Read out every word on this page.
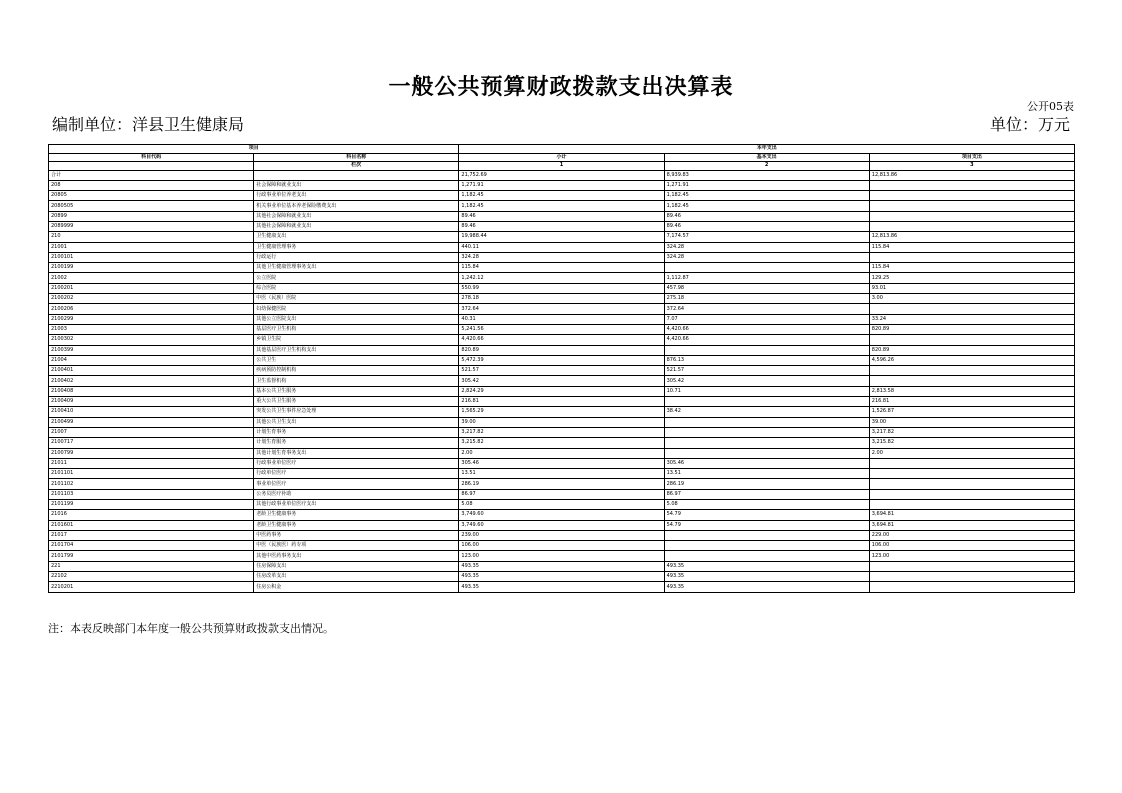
一般公共预算财政拨款支出决算表
公开05表
编制单位：洋县卫生健康局	单位：万元
项目		本年支出		
科目代码	科目名称	小计	基本支出	项目支出
	栏次	1	2	3
合计		21,752.69	8,939.83	12,813.86
208	社会保障和就业支出	1,271.91	1,271.91	
20805	行政事业单位养老支出	1,182.45	1,182.45	
2080505	机关事业单位基本养老保险缴费支出	1,182.45	1,182.45	
20899	其他社会保障和就业支出	89.46	89.46	
2089999	其他社会保障和就业支出	89.46	89.46	
210	卫生健康支出	19,988.44	7,174.57	12,813.86
21001	卫生健康管理事务	440.11	324.28	115.84
2100101	行政运行	324.28	324.28	
2100199	其他卫生健康管理事务支出	115.84		115.84
21002	公立医院	1,242.12	1,112.87	129.25
2100201	综合医院	550.99	457.98	93.01
2100202	中医（民族）医院	278.18	275.18	3.00
2100206	妇幼保健医院	372.64	372.64	
2100299	其他公立医院支出	40.31	7.07	33.24
21003	基层医疗卫生机构	5,241.56	4,420.66	820.89
2100302	乡镇卫生院	4,420.66	4,420.66	
2100399	其他基层医疗卫生机构支出	820.89		820.89
21004	公共卫生	5,472.39	876.13	4,596.26
2100401	疾病预防控制机构	521.57	521.57	
2100402	卫生监督机构	305.42	305.42	
2100408	基本公共卫生服务	2,824.29	10.71	2,813.58
2100409	重大公共卫生服务	216.81		216.81
2100410	突发公共卫生事件应急处理	1,565.29	38.42	1,526.87
2100499	其他公共卫生支出	39.00		39.00
21007	计划生育事务	3,217.82		3,217.82
2100717	计划生育服务	3,215.82		3,215.82
2100799	其他计划生育事务支出	2.00		2.00
21011	行政事业单位医疗	305.46	305.46	
2101101	行政单位医疗	13.51	13.51	
2101102	事业单位医疗	286.19	286.19	
2101103	公务员医疗补助	86.97	86.97	
2101199	其他行政事业单位医疗支出	5.08	5.08	
21016	老龄卫生健康事务	3,749.60	54.79	3,694.81
2101601	老龄卫生健康事务	3,749.60	54.79	3,694.81
21017	中医药事务	239.00		229.00
2101704	中医（民族医）药专项	106.00		106.00
2101799	其他中医药事务支出	123.00		123.00
221	住房保障支出	493.35	493.35	
22102	住房改革支出	493.35	493.35	
2210201	住房公积金	493.35	493.35	
注：本表反映部门本年度一般公共预算财政拨款支出情况。
